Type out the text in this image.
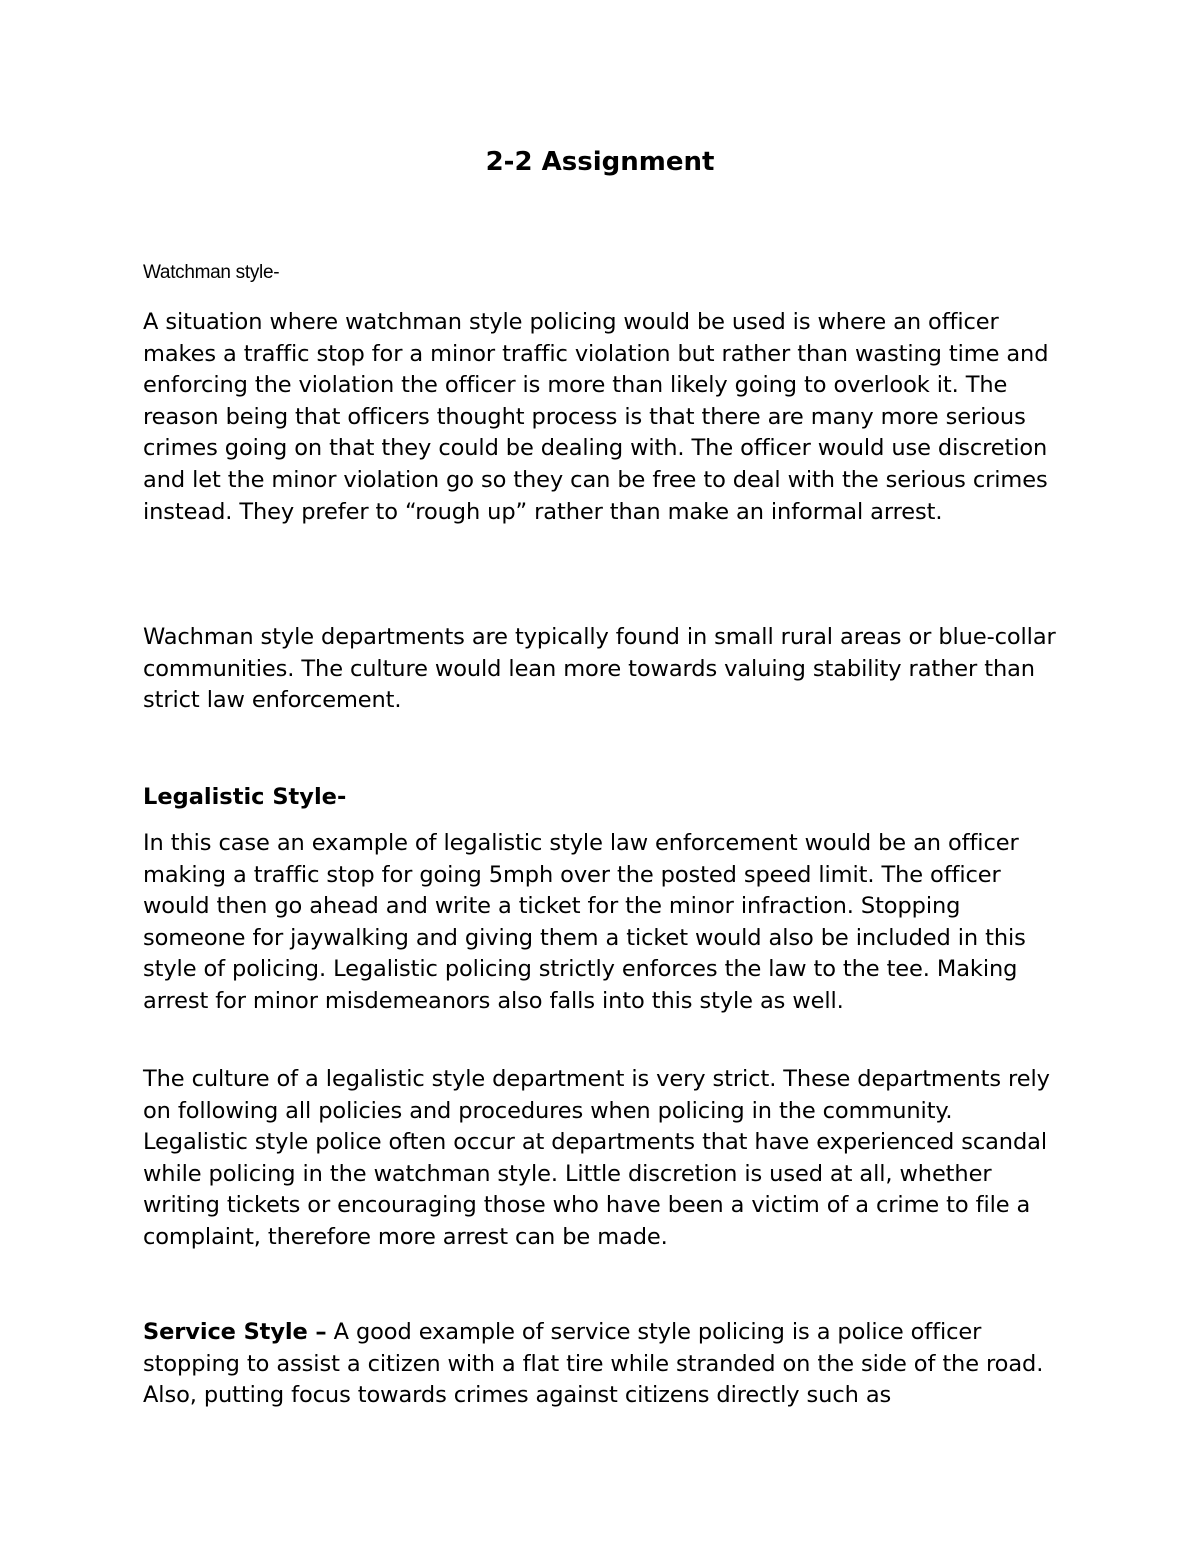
2-2 Assignment
Watchman style-

A situation where watchman style policing would be used is where an officer makes a traffic stop for a minor traffic violation but rather than wasting time and enforcing the violation the officer is more than likely going to overlook it. The reason being that officers thought process is that there are many more serious crimes going on that they could be dealing with. The officer would use discretion and let the minor violation go so they can be free to deal with the serious crimes instead. They prefer to “rough up” rather than make an informal arrest.

Wachman style departments are typically found in small rural areas or blue-collar communities. The culture would lean more towards valuing stability rather than strict law enforcement.

Legalistic Style-

In this case an example of legalistic style law enforcement would be an officer making a traffic stop for going 5mph over the posted speed limit. The officer would then go ahead and write a ticket for the minor infraction. Stopping someone for jaywalking and giving them a ticket would also be included in this style of policing. Legalistic policing strictly enforces the law to the tee. Making arrest for minor misdemeanors also falls into this style as well.

The culture of a legalistic style department is very strict. These departments rely on following all policies and procedures when policing in the community. Legalistic style police often occur at departments that have experienced scandal while policing in the watchman style. Little discretion is used at all, whether writing tickets or encouraging those who have been a victim of a crime to file a complaint, therefore more arrest can be made.

Service Style – A good example of service style policing is a police officer stopping to assist a citizen with a flat tire while stranded on the side of the road. Also, putting focus towards crimes against citizens directly such as
